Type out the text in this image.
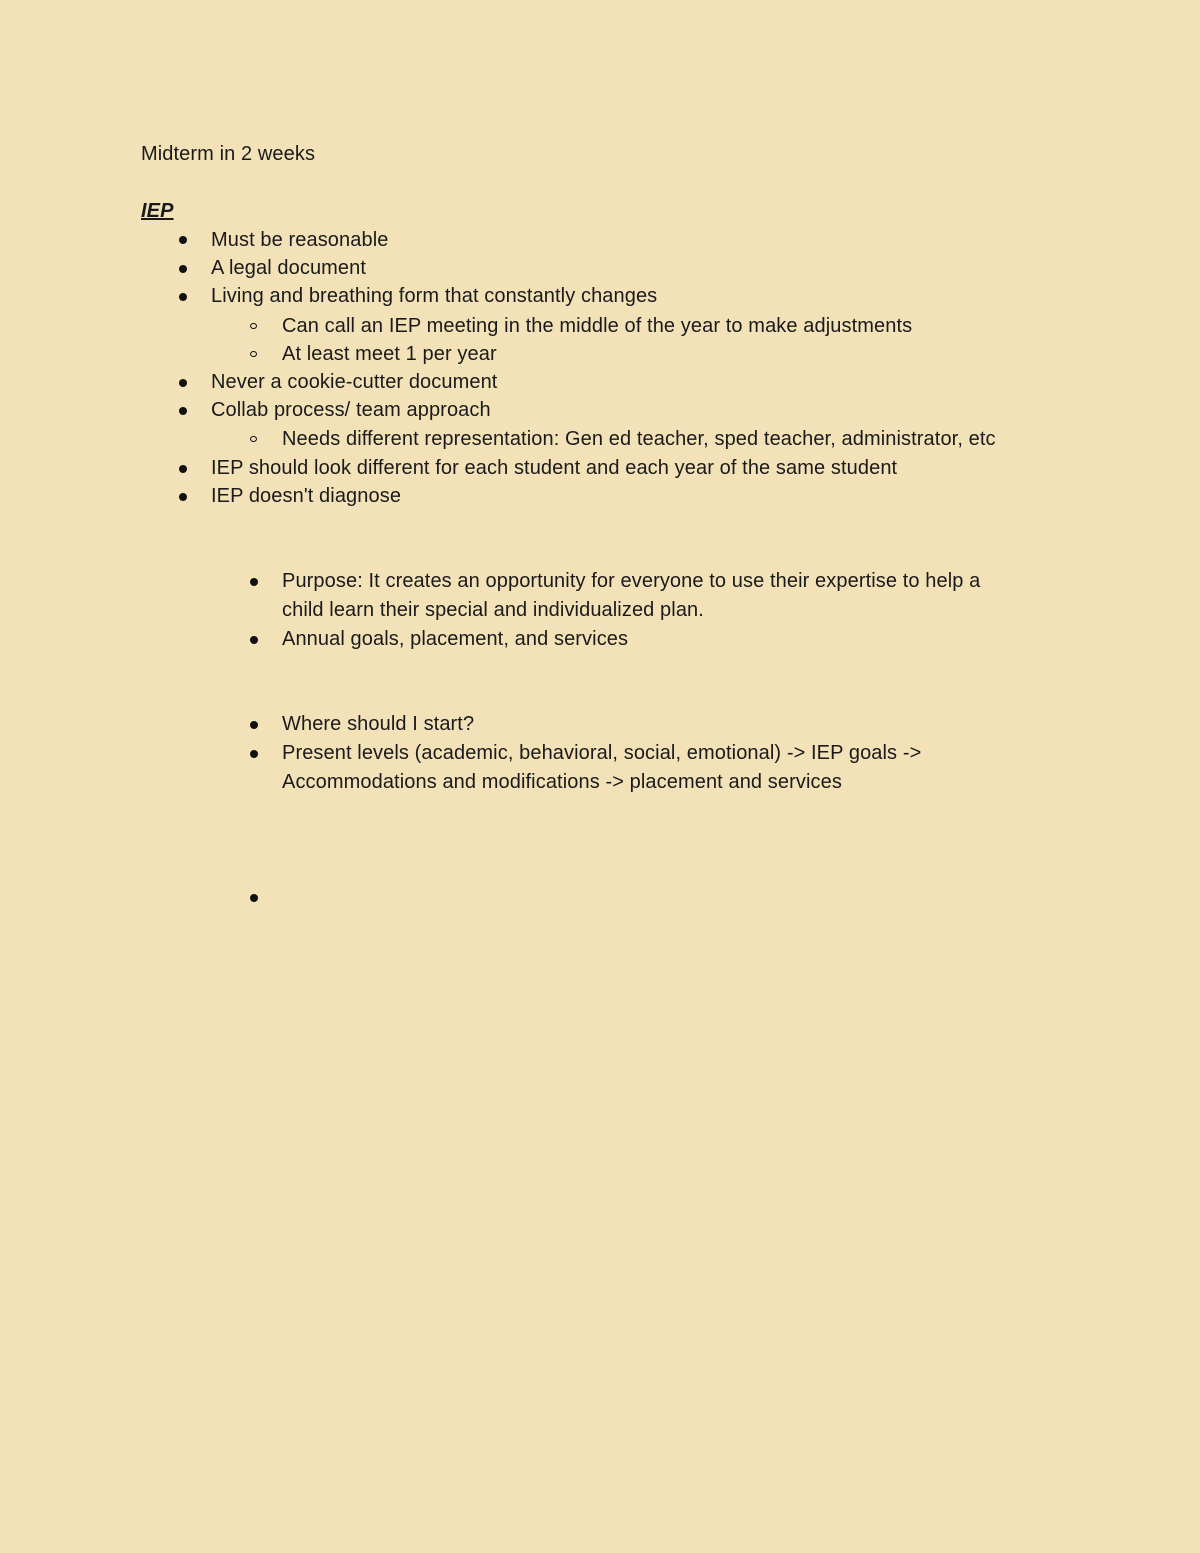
Midterm in 2 weeks
IEP
Must be reasonable
A legal document
Living and breathing form that constantly changes
Can call an IEP meeting in the middle of the year to make adjustments
At least meet 1 per year
Never a cookie-cutter document
Collab process/ team approach
Needs different representation: Gen ed teacher, sped teacher, administrator, etc
IEP should look different for each student and each year of the same student
IEP doesn't diagnose
Purpose: It creates an opportunity for everyone to use their expertise to help a
child learn their special and individualized plan.
Annual goals, placement, and services
Where should I start?
Present levels (academic, behavioral, social, emotional) -> IEP goals ->
Accommodations and modifications -> placement and services
